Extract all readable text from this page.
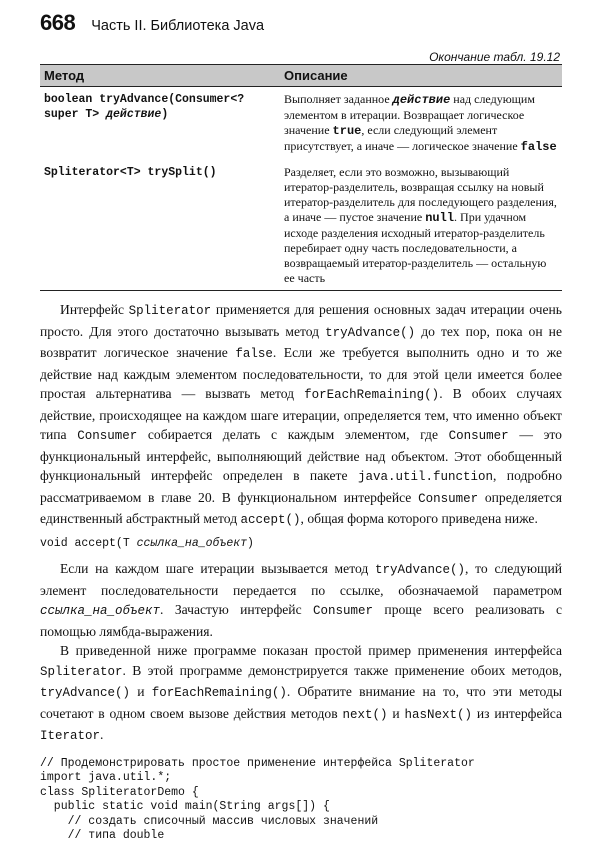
668 Часть II. Библиотека Java
Окончание табл. 19.12
Метод	Описание
boolean tryAdvance(Consumer<?
super T> действие)	Выполняет заданное действие над следующим элементом в итерации. Возвращает логическое значение true, если следующий элемент присутствует, а иначе — логическое значение false
Spliterator<T> trySplit()	Разделяет, если это возможно, вызывающий итератор-разделитель, возвращая ссылку на новый итератор-разделитель для последующего разделения, а иначе — пустое значение null. При удачном исходе разделения исходный итератор-разделитель перебирает одну часть последовательности, а возвращаемый итератор-разделитель — остальную ее часть

Интерфейс Spliterator применяется для решения основных задач итерации очень просто. Для этого достаточно вызывать метод tryAdvance() до тех пор, пока он не возвратит логическое значение false. Если же требуется выполнить одно и то же действие над каждым элементом последовательности, то для этой цели имеется более простая альтернатива — вызвать метод forEachRemaining(). В обоих случаях действие, происходящее на каждом шаге итерации, определяется тем, что именно объект типа Consumer собирается делать с каждым элементом, где Consumer — это функциональный интерфейс, выполняющий действие над объектом. Этот обобщенный функциональный интерфейс определен в пакете java.util.function, подробно рассматриваемом в главе 20. В функциональном интерфейсе Consumer определяется единственный абстрактный метод accept(), общая форма которого приведена ниже.

void accept(T ссылка_на_объект)

Если на каждом шаге итерации вызывается метод tryAdvance(), то следующий элемент последовательности передается по ссылке, обозначаемой параметром ссылка_на_объект. Зачастую интерфейс Consumer проще всего реализовать с помощью лямбда-выражения.

В приведенной ниже программе показан простой пример применения интерфейса Spliterator. В этой программе демонстрируется также применение обоих методов, tryAdvance() и forEachRemaining(). Обратите внимание на то, что эти методы сочетают в одном своем вызове действия методов next() и hasNext() из интерфейса Iterator.

// Продемонстрировать простое применение интерфейса Spliterator
import java.util.*;
class SpliteratorDemo {
public static void main(String args[]) {
// создать списочный массив числовых значений
// типа double
